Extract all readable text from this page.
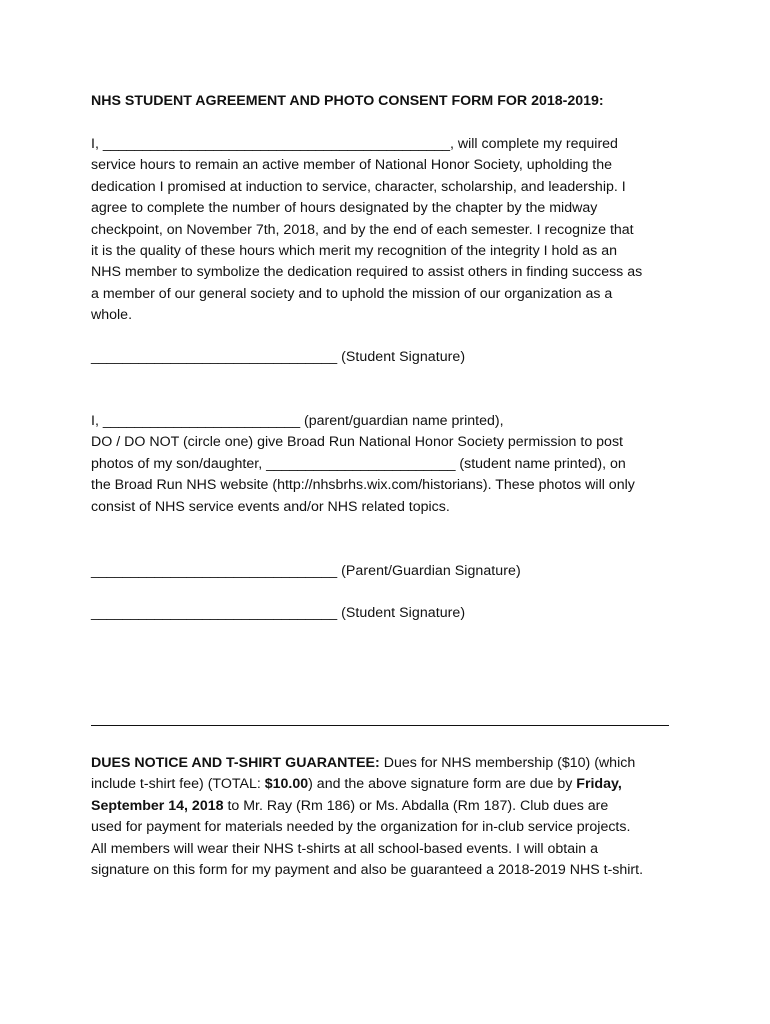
NHS STUDENT AGREEMENT AND PHOTO CONSENT FORM FOR 2018-2019:

I, ____________________________________________, will complete my required

service hours to remain an active member of National Honor Society, upholding the

dedication I promised at induction to service, character, scholarship, and leadership. I

agree to complete the number of hours designated by the chapter by the midway

checkpoint, on November 7th, 2018, and by the end of each semester. I recognize that

it is the quality of these hours which merit my recognition of the integrity I hold as an

NHS member to symbolize the dedication required to assist others in finding success as

a member of our general society and to uphold the mission of our organization as a

whole.

_______________________________ (Student Signature)

I, _________________________ (parent/guardian name printed),

DO / DO NOT (circle one) give Broad Run National Honor Society permission to post

photos of my son/daughter, ________________________ (student name printed), on

the Broad Run NHS website (http://nhsbrhs.wix.com/historians). These photos will only

consist of NHS service events and/or NHS related topics.

_______________________________ (Parent/Guardian Signature)
_______________________________ (Student Signature)

DUES NOTICE AND T-SHIRT GUARANTEE: Dues for NHS membership ($10) (which

include t-shirt fee) (TOTAL: $10.00) and the above signature form are due by Friday,

September 14, 2018 to Mr. Ray (Rm 186) or Ms. Abdalla (Rm 187). Club dues are

used for payment for materials needed by the organization for in-club service projects.

All members will wear their NHS t-shirts at all school-based events. I will obtain a

signature on this form for my payment and also be guaranteed a 2018-2019 NHS t-shirt.
